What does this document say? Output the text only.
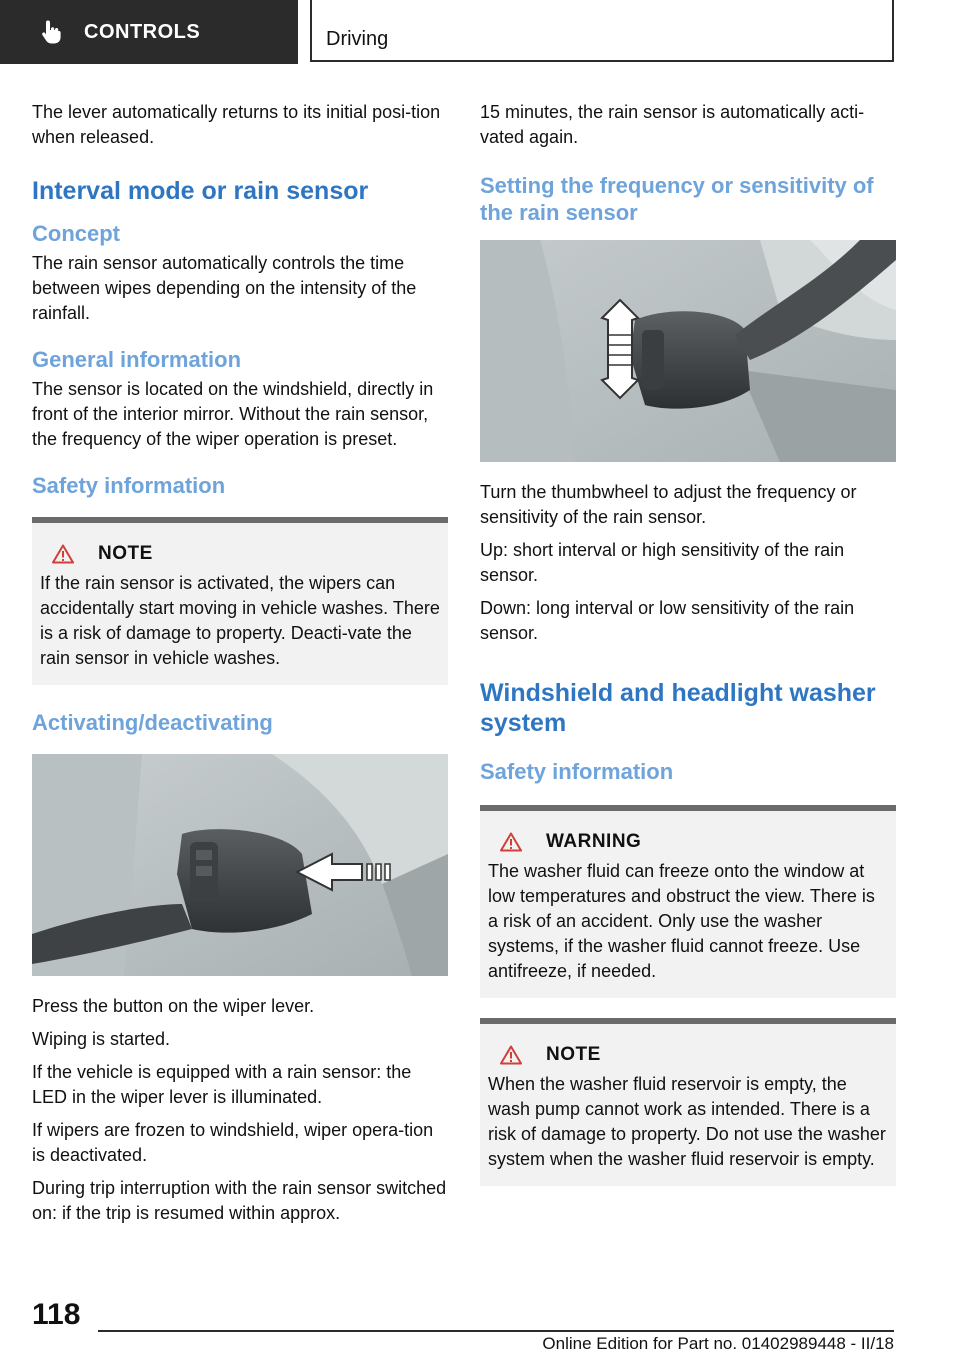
CONTROLS	Driving

The lever automatically returns to its initial posi‐tion when released.

Interval mode or rain sensor
Concept

The rain sensor automatically controls the time between wipes depending on the intensity of the rainfall.

General information

The sensor is located on the windshield, directly in front of the interior mirror. Without the rain sensor, the frequency of the wiper operation is preset.

Safety information
NOTE

If the rain sensor is activated, the wipers can accidentally start moving in vehicle washes. There is a risk of damage to property. Deacti‐vate the rain sensor in vehicle washes.

Activating/deactivating

Press the button on the wiper lever.

Wiping is started.

If the vehicle is equipped with a rain sensor: the LED in the wiper lever is illuminated.

If wipers are frozen to windshield, wiper opera‐tion is deactivated.

During trip interruption with the rain sensor switched on: if the trip is resumed within approx.

15 minutes, the rain sensor is automatically acti‐vated again.

Setting the frequency or sensitivity of the rain sensor

Turn the thumbwheel to adjust the frequency or sensitivity of the rain sensor.

Up: short interval or high sensitivity of the rain sensor.

Down: long interval or low sensitivity of the rain sensor.

Windshield and headlight washer system
Safety information
WARNING

The washer fluid can freeze onto the window at low temperatures and obstruct the view. There is a risk of an accident. Only use the washer systems, if the washer fluid cannot freeze. Use antifreeze, if needed.

NOTE

When the washer fluid reservoir is empty, the wash pump cannot work as intended. There is a risk of damage to property. Do not use the washer system when the washer fluid reservoir is empty.

118
Online Edition for Part no. 01402989448 - II/18
